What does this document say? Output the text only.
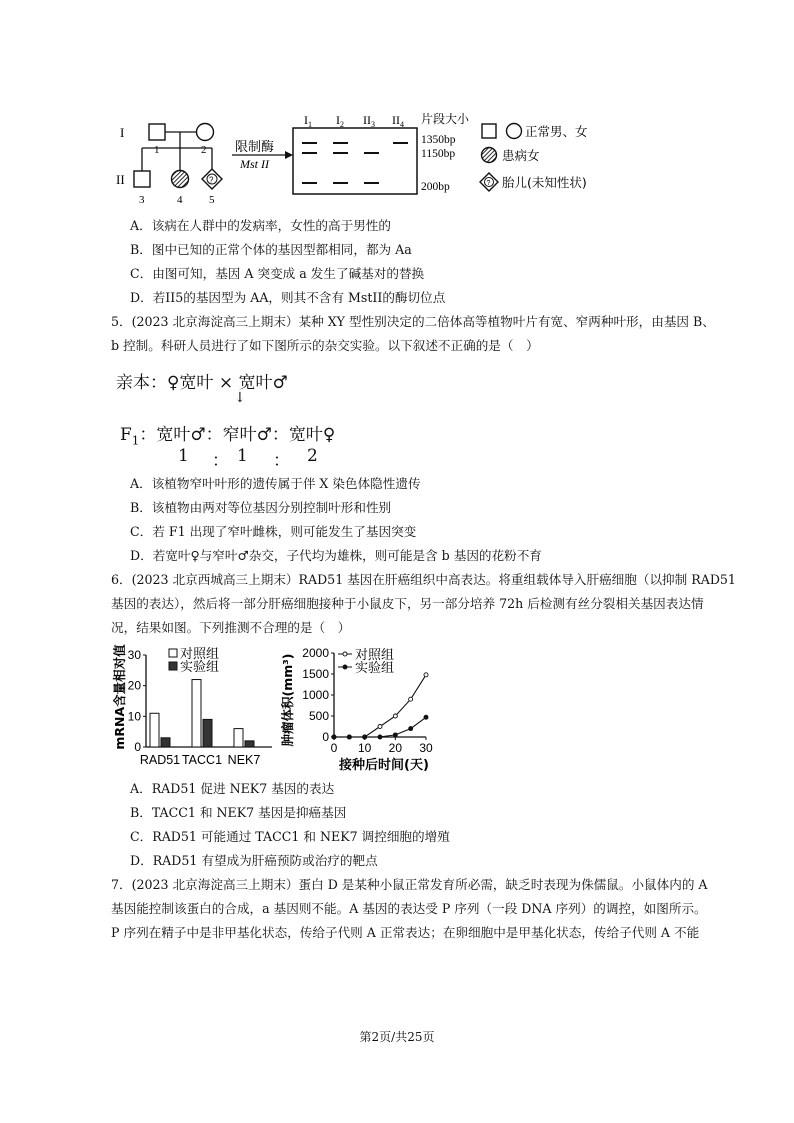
I
1	2
II	?
3	4 5
限制酶
Mst II
$I_1$ $I_2$ $II_3$ $II_4$ 片段大小
1350bp
1150bp
200bp
正常男、女
患病女
? 胎儿(未知性状)
A．该病在人群中的发病率，女性的高于男性的
B．图中已知的正常个体的基因型都相同，都为 Aa
C．由图可知，基因 A 突变成 a 发生了碱基对的替换
D．若II5的基因型为 AA，则其不含有 MstII的酶切位点
5．(2023 北京海淀高三上期末）某种 XY 型性别决定的二倍体高等植物叶片有宽、窄两种叶形，由基因 B、
b 控制。科研人员进行了如下图所示的杂交实验。以下叙述不正确的是（　）
亲本：♀宽叶 × 宽叶♂
↓
$F_1$：宽叶♂：窄叶♂：宽叶♀
1 ： 1 ： 2
A．该植物窄叶叶形的遗传属于伴 X 染色体隐性遗传
B．该植物由两对等位基因分别控制叶形和性别
C．若 F1 出现了窄叶雌株，则可能发生了基因突变
D．若宽叶♀与窄叶♂杂交，子代均为雄株，则可能是含 b 基因的花粉不育
6．(2023 北京西城高三上期末）RAD51 基因在肝癌组织中高表达。将重组载体导入肝癌细胞（以抑制 RAD51
基因的表达），然后将一部分肝癌细胞接种于小鼠皮下，另一部分培养 72h 后检测有丝分裂相关基因表达情
况，结果如图。下列推测不合理的是（　）
mRNA含量相对值 0
10
20
30
RAD51 TACC1 NEK7
对照组
实验组	肿瘤体积(mm³) 0
500
1000
1500
2000
0 10 20 30
接种后时间(天)
对照组
实验组
A．RAD51 促进 NEK7 基因的表达
B．TACC1 和 NEK7 基因是抑癌基因
C．RAD51 可能通过 TACC1 和 NEK7 调控细胞的增殖
D．RAD51 有望成为肝癌预防或治疗的靶点
7．(2023 北京海淀高三上期末）蛋白 D 是某种小鼠正常发育所必需，缺乏时表现为侏儒鼠。小鼠体内的 A
基因能控制该蛋白的合成，a 基因则不能。A 基因的表达受 P 序列（一段 DNA 序列）的调控，如图所示。
P 序列在精子中是非甲基化状态，传给子代则 A 正常表达；在卵细胞中是甲基化状态，传给子代则 A 不能
第2页/共25页
